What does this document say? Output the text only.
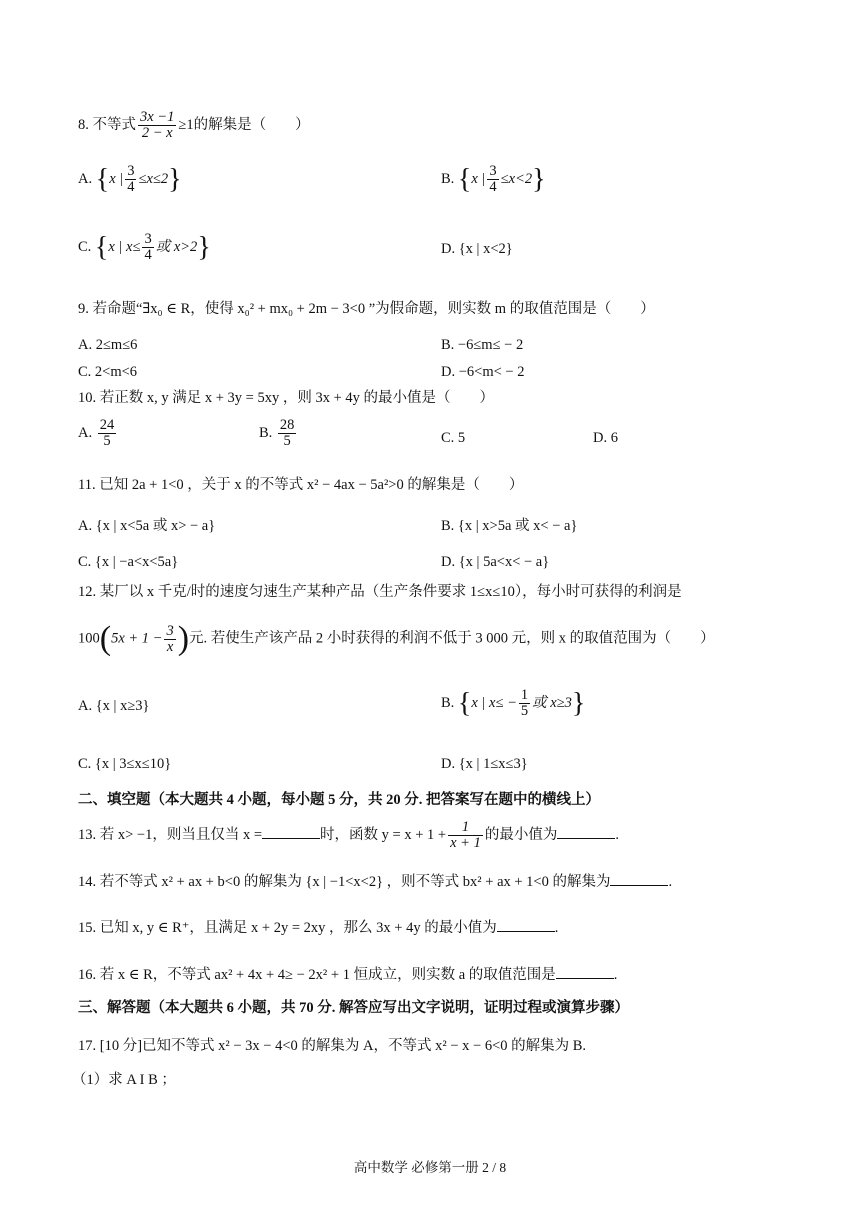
8. 不等式 $\frac{3x -1}{2 - x} \ge 1$的解集是（　　）
A. {x | $\frac{3}{4} \le x\le 2$}	B. {x | $\frac{3}{4} \le x<2$}
C. {x | $x\le \frac{3}{4}$ 或 x>2}	D. {x | x<2}
9. 若命题“∃x₀ ∈ R，使得 x₀² + mx₀ + 2m − 3<0 ”为假命题，则实数 m 的取值范围是（　　）
A. 2≤m≤6	B. −6≤m≤ − 2
C. 2<m<6	D. −6<m< − 2
10. 若正数 x, y 满足 x + 3y = 5xy ，则 3x + 4y 的最小值是（　　）
A. $\frac{24}{5}$	B. $\frac{28}{5}$	C. 5	D. 6
11. 已知 2a + 1<0 ，关于 x 的不等式 x² − 4ax − 5a²>0 的解集是（　　）
A. {x | x<5a 或 x> − a}	B. {x | x>5a 或 x< − a}
C. {x | −a<x<5a}	D. {x | 5a<x< − a}
12. 某厂以 x 千克/时的速度匀速生产某种产品（生产条件要求 1≤x≤10），每小时可获得的利润是
$100(5x + 1 - \frac{3}{x}$ )元. 若使生产该产品 2 小时获得的利润不低于 3 000 元，则 x 的取值范围为（　　）
A. {x | x≥3}	B. {x | $x\le - \frac{1}{5}$ 或 x≥3}
C. {x | 3≤x≤10}	D. {x | 1≤x≤3}
二、填空题（本大题共 4 小题，每小题 5 分，共 20 分. 把答案写在题中的横线上）
13. 若 x> −1，则当且仅当 x =	时，函数 $y = x + 1 + \frac{1}{x + 1}$ 的最小值为	.
14. 若不等式 x² + ax + b<0 的解集为 {x | −1<x<2} ，则不等式 bx² + ax + 1<0 的解集为	.
15. 已知 x, y ∈ R⁺，且满足 x + 2y = 2xy ，那么 3x + 4y 的最小值为	.
16. 若 x ∈ R，不等式 ax² + 4x + 4≥ − 2x² + 1 恒成立，则实数 a 的取值范围是	.
三、解答题（本大题共 6 小题，共 70 分. 解答应写出文字说明，证明过程或演算步骤）
17. [10 分]已知不等式 x² − 3x − 4<0 的解集为 A，不等式 x² − x − 6<0 的解集为 B.
（1）求 A Ι B ；
高中数学 必修第一册 2 / 8
